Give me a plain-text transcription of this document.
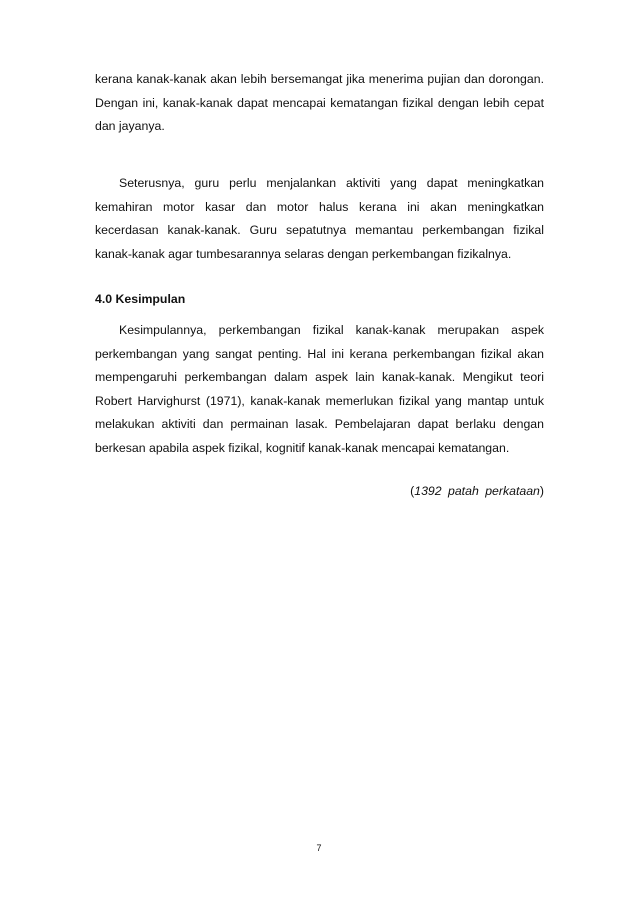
kerana kanak-kanak akan lebih bersemangat jika menerima pujian dan dorongan. Dengan ini, kanak-kanak dapat mencapai kematangan fizikal dengan lebih cepat dan jayanya.

Seterusnya, guru perlu menjalankan aktiviti yang dapat meningkatkan kemahiran motor kasar dan motor halus kerana ini akan meningkatkan kecerdasan kanak-kanak. Guru sepatutnya memantau perkembangan fizikal kanak-kanak agar tumbesarannya selaras dengan perkembangan fizikalnya.

4.0 Kesimpulan

Kesimpulannya, perkembangan fizikal kanak-kanak merupakan aspek perkembangan yang sangat penting. Hal ini kerana perkembangan fizikal akan mempengaruhi perkembangan dalam aspek lain kanak-kanak. Mengikut teori Robert Harvighurst (1971), kanak-kanak memerlukan fizikal yang mantap untuk melakukan aktiviti dan permainan lasak. Pembelajaran dapat berlaku dengan berkesan apabila aspek fizikal, kognitif kanak-kanak mencapai kematangan.

(1392 patah perkataan)
7
